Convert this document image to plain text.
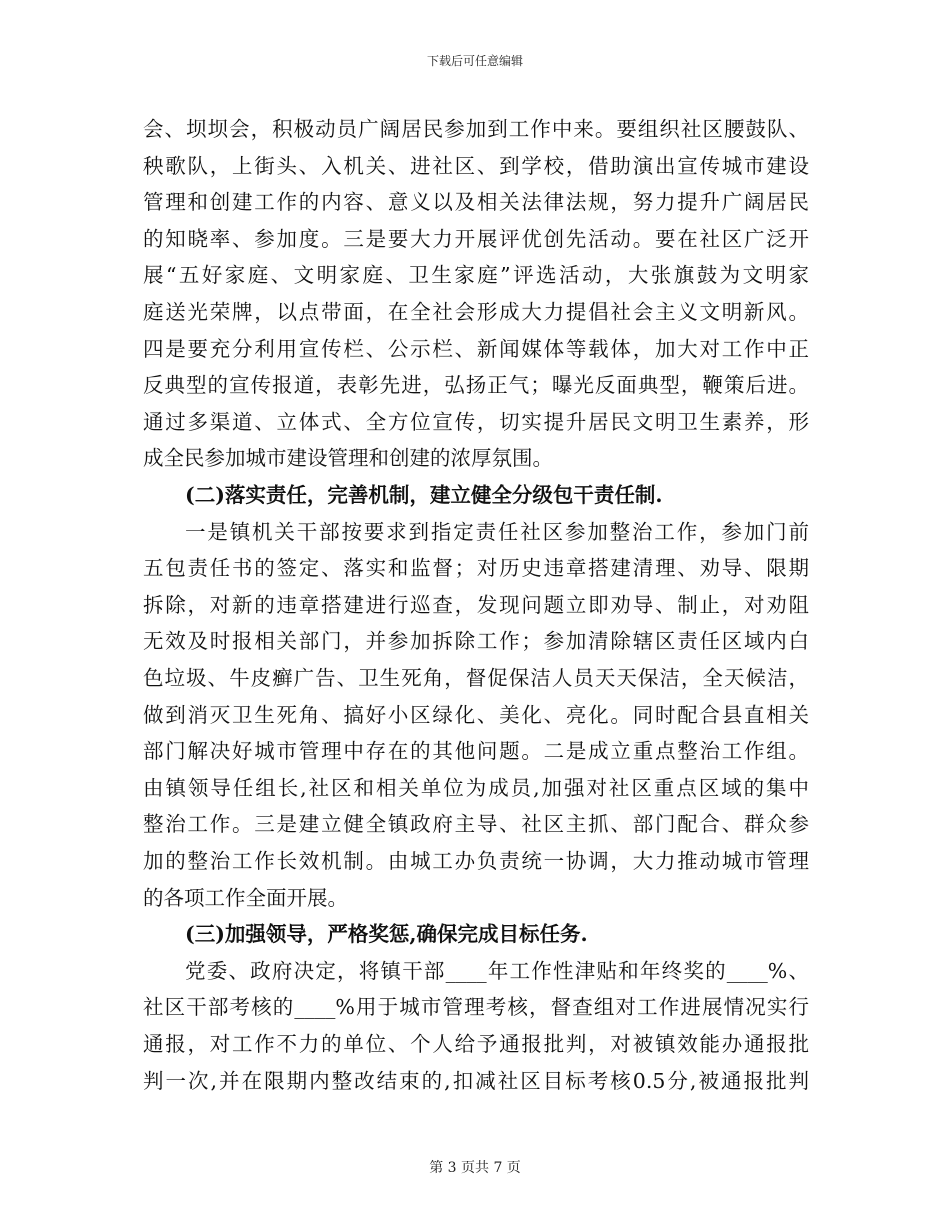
下载后可任意编辑
会、坝坝会，积极动员广阔居民参加到工作中来。要组织社区腰鼓队、
秧歌队，上街头、入机关、进社区、到学校，借助演出宣传城市建设
管理和创建工作的内容、意义以及相关法律法规，努力提升广阔居民
的知晓率、参加度。三是要大力开展评优创先活动。要在社区广泛开
展“五好家庭、文明家庭、卫生家庭”评选活动，大张旗鼓为文明家
庭送光荣牌，以点带面，在全社会形成大力提倡社会主义文明新风。
四是要充分利用宣传栏、公示栏、新闻媒体等载体，加大对工作中正
反典型的宣传报道，表彰先进，弘扬正气；曝光反面典型，鞭策后进。
通过多渠道、立体式、全方位宣传，切实提升居民文明卫生素养，形
成全民参加城市建设管理和创建的浓厚氛围。
(二)落实责任，完善机制，建立健全分级包干责任制.
一是镇机关干部按要求到指定责任社区参加整治工作，参加门前
五包责任书的签定、落实和监督；对历史违章搭建清理、劝导、限期
拆除，对新的违章搭建进行巡查，发现问题立即劝导、制止，对劝阻
无效及时报相关部门，并参加拆除工作；参加清除辖区责任区域内白
色垃圾、牛皮癣广告、卫生死角，督促保洁人员天天保洁，全天候洁，
做到消灭卫生死角、搞好小区绿化、美化、亮化。同时配合县直相关
部门解决好城市管理中存在的其他问题。二是成立重点整治工作组。
由镇领导任组长,社区和相关单位为成员,加强对社区重点区域的集中
整治工作。三是建立健全镇政府主导、社区主抓、部门配合、群众参
加的整治工作长效机制。由城工办负责统一协调，大力推动城市管理
的各项工作全面开展。
(三)加强领导，严格奖惩,确保完成目标任务.
党委、政府决定，将镇干部____年工作性津贴和年终奖的____%、
社区干部考核的____%用于城市管理考核，督查组对工作进展情况实行
通报，对工作不力的单位、个人给予通报批判，对被镇效能办通报批
判一次,并在限期内整改结束的,扣减社区目标考核0.5分,被通报批判
第 3 页共 7 页
